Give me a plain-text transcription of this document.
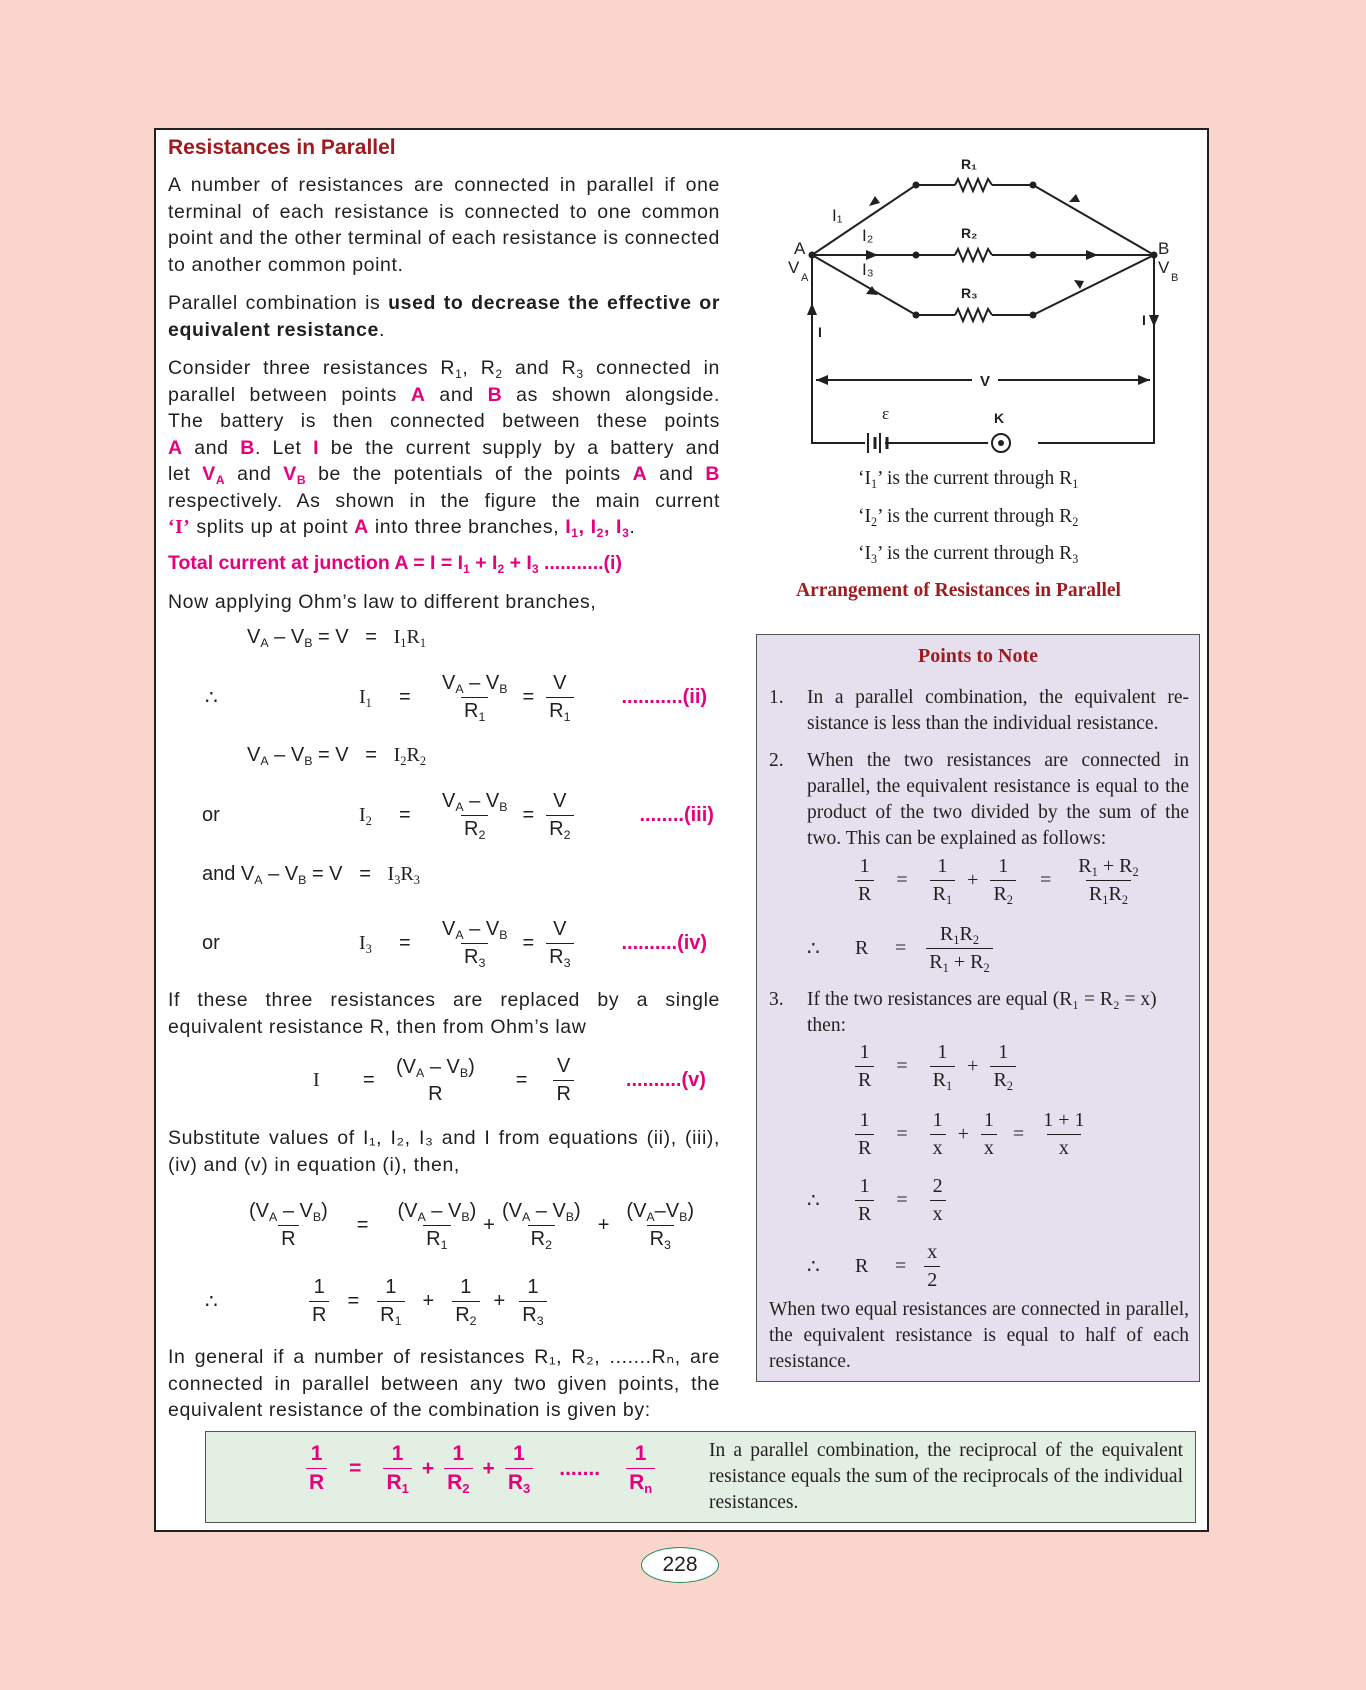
Resistances in Parallel
A number of resistances are connected in parallel if one terminal of each resistance is connected to one common point and the other terminal of each resistance is connected to another common point.
Parallel combination is used to decrease the effective or equivalent resistance.
Consider three resistances $R_1$, $R_2$ and $R_3$ connected in
parallel between points A and B as shown alongside.
The battery is then connected between these points
A and B. Let I be the current supply by a battery and
let $V_A$ and $V_B$ be the potentials of the points A and B
respectively. As shown in the figure the main current
‘I’ splits up at point A into three branches, $I_1$, $I_2$, $I_3$.
Total current at junction $A = I = I_1 + I_2 + I_3$ ...........(i)
Now applying Ohm’s law to different branches,
$V_A - V_B = V = I_1R_1$
∴	$I_1$	=	$\frac{V_A - V_B}{R_1} = \frac{V}{R_1} ...........(ii)$
$V_A - V_B = V = I_2R_2$
or	$I_2$	=	$\frac{V_A - V_B}{R_2} = \frac{V}{R_2}$	........(iii)
and $V_A - V_B = V = I_3R_3$
or	$I_3$	=	$\frac{V_A - V_B}{R_3} = \frac{V}{R_3} ..........(iv)$
If these three resistances are replaced by a single equivalent resistance R, then from Ohm’s law
I	=
$(V_A - V_B)$
R
= $\frac{V}{R}$	..........(v)
Substitute values of I₁, I₂, I₃ and I from equations (ii), (iii), (iv) and (v) in equation (i), then,
$\frac{(V_A - V_B)}{R} = \frac{(V_A - V_B)}{R_1} + \frac{(V_A - V_B)}{R_2} + \frac{(V_A-V_B)}{R_3}$
∴	$\frac{1}{R} = \frac{1}{R_1} + \frac{1}{R_2} + \frac{1}{R_3}$
In general if a number of resistances R₁, R₂, .......Rₙ, are connected in parallel between any two given points, the equivalent resistance of the combination is given by:
R₁
R₂
R₃
A	B
I₁
I₂
I₃
I
I
V
ε	K
V
A
V
B
‘$I_1$’ is the current through $R_1$
‘$I_2$’ is the current through $R_2$
‘$I_3$’ is the current through $R_3$
Arrangement of Resistances in Parallel
Points to Note
1. In a parallel combination, the equivalent re-sistance is less than the individual resistance.
2. When the two resistances are connected in parallel, the equivalent resistance is equal to the product of the two divided by the sum of the two. This can be explained as follows:
$\frac{1}{R} = \frac{1}{R_1} + \frac{1}{R_2} = \frac{R_1 + R_2}{R_1R_2}$
∴	R	= $\frac{R_1R_2}{R_1 + R_2}$
3. If the two resistances are equal (R₁ = R₂ = x) then:
$\frac{1}{R} = \frac{1}{R_1} + \frac{1}{R_2}$
$\frac{1}{R} = \frac{1}{x} + \frac{1}{x} = \frac{1 + 1}{x}$
∴	$\frac{1}{R} = \frac{2}{x}$
∴	R	= $\frac{x}{2}$
When two equal resistances are connected in parallel, the equivalent resistance is equal to half of each resistance.
$\frac{1}{R} = \frac{1}{R_1} + \frac{1}{R_2} + \frac{1}{R_3}$ ....... $\frac{1}{R_n}$	In a parallel combination, the reciprocal of the equivalent resistance equals the sum of the reciprocals of the individual resistances.
228
